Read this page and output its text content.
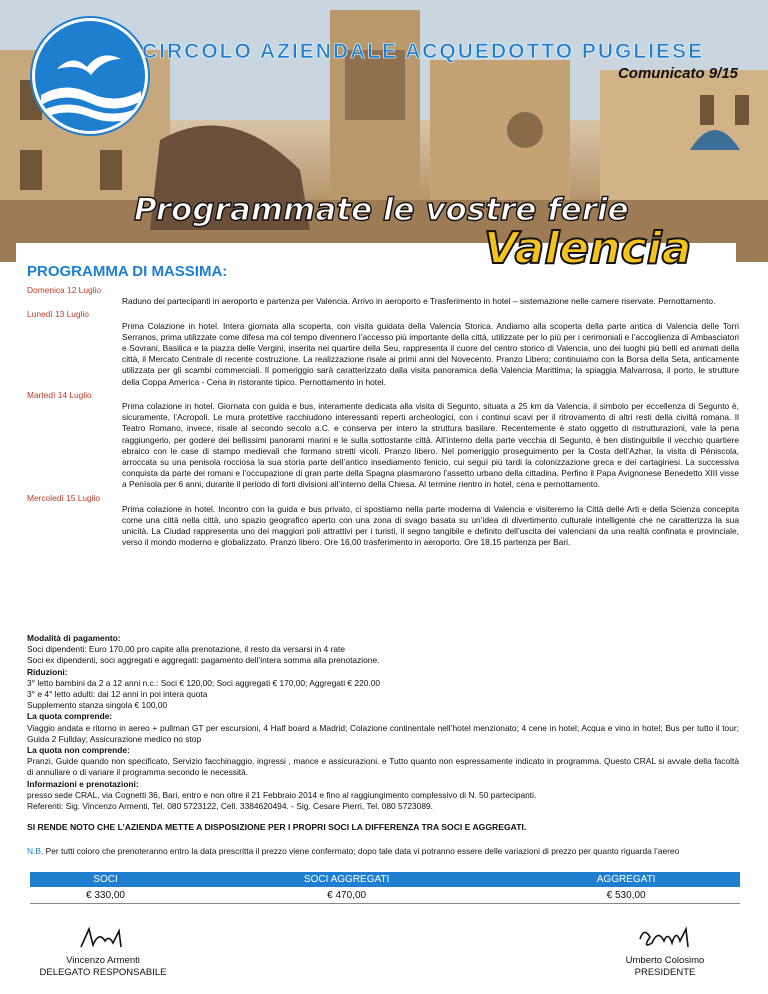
CIRCOLO AZIENDALE ACQUEDOTTO PUGLIESE
Comunicato 9/15
Programmate le vostre ferie
Valencia
PROGRAMMA DI MASSIMA:
Domenica 12 Luglio
Raduno dei partecipanti in aeroporto e partenza per Valencia. Arrivo in aeroporto e Trasferimento in hotel – sistemazione nelle camere riservate. Pernottamento.
Lunedì 13 Luglio
Prima Colazione in hotel. Intera giornata alla scoperta, con visita guidata della Valencia Storica. Andiamo alla scoperta della parte antica di Valencia delle Torri Serranos, prima utilizzate come difesa ma col tempo divennero l’accesso più importante della città, utilizzate per lo più per i cerimoniali e l’accoglienza di Ambasciatori e Sovrani, Basilica e la piazza delle Vergini, inserita nei quartire della Seu, rappresenta il cuore del centro storico di Valencia, uno dei luoghi più belli ed animati della città, il Mercato Centrale di recente costruzione. La realizzazione risale ai primi anni del Novecento. Pranzo Libero; continuiamo con la Borsa della Seta, anticamente utilizzata per gli scambi commerciali. Il pomeriggio sarà caratterizzato dalla visita panoramica della Valencia Marittima; la spiaggia Malvarrosa, il porto, le strutture della Coppa America - Cena in ristorante tipico. Pernottamento in hotel.
Martedì 14 Luglio
Prima colazione in hotel. Giornata con guida e bus, interamente dedicata alla visita di Segunto, situata a 25 km da Valencia, il simbolo per eccellenza di Segunto è, sicuramente, l’Acropoli. Le mura protettive racchiudono interessanti reperti archeologici, con i continui scavi per il ritrovamento di altri resti della civiltà romana. Il Teatro Romano, invece, risale al secondo secolo a.C. e conserva per intero la struttura basilare. Recentemente è stato oggetto di ristrutturazioni, vale la pena raggiungerlo, per godere dei bellissimi panorami marini e le sulla sottostante città. All’interno della parte vecchia di Segunto, è ben distinguibile il vecchio quartiere ebraico con le case di stampo medievali che formano stretti vicoli. Pranzo libero. Nel pomeriggio proseguimento per la Costa dell’Azhar, la visita di Péniscola, arroccata su una penisola rocciosa la sua storia parte dell’antico insediamento fenicio, cui seguì più tardi la colonizzazione greca e dei cartaginesi. La successiva conquista da parte dei romani e l’occupazione di gran parte della Spagna plasmarono l’assetto urbano della cittadina. Perfino il Papa Avignonese Benedetto XIII visse a Penìsola per 6 anni, durante il periodo di forti divisioni all’interno della Chiesa. Al termine rientro in hotel, cena e pernottamento.
Mercoledì 15 Luglio
Prima colazione in hotel. Incontro con la guida e bus privato, ci spostiamo nella parte moderna di Valencia e visiteremo la Città delle Arti e della Scienza concepita come una città nella città, uno spazio geografico aperto con una zona di svago basata su un’idea di divertimento culturale intelligente che ne caratterizza la sua unicità. La Ciudad rappresenta uno dei maggiori poli attrattivi per i turisti, il segno tangibile e definito dell’uscita dei valenciani da una realtà confinata e provinciale, verso il mondo moderno e globalizzato. Pranzo libero. Ore 16,00 trasferimento in aeroporto. Ore 18,15 partenza per Bari.
Modalità di pagamento:
Soci dipendenti: Euro 170,00 pro capite alla prenotazione, il resto da versarsi in 4 rate
Soci ex dipendenti, soci aggregati e aggregati: pagamento dell’intera somma alla prenotazione.
Riduzioni:
3° letto bambini da 2 a 12 anni n.c.: Soci € 120,00; Soci aggregati € 170,00; Aggregati € 220.00
3° e 4° letto adulti: dai 12 anni in poi intera quota
Supplemento stanza singola € 100,00
La quota comprende:
Viaggio andata e ritorno in aereo + pullman GT per escursioni, 4 Half board a Madrid; Colazione continentale nell’hotel menzionato; 4 cene in hotel; Acqua e vino in hotel; Bus per tutto il tour; Guida 2 Fullday; Assicurazione medico no stop
La quota non comprende:
Pranzi, Guide quando non specificato, Servizio facchinaggio, ingressi , mance e assicurazioni. e Tutto quanto non espressamente indicato in programma. Questo CRAL si avvale della facoltà di annullare o di variare il programma secondo le necessità.
Informazioni e prenotazioni:
presso sede CRAL, via Cognetti 36, Bari, entro e non oltre il 21 Febbraio 2014 e fino al raggiungimento complessivo di N. 50 partecipanti.
Referenti: Sig. Vincenzo Armenti, Tel. 080 5723122, Cell. 3384620494. - Sig. Cesare Pierri, Tel. 080 5723089.
SI RENDE NOTO CHE L’AZIENDA METTE A DISPOSIZIONE PER I PROPRI SOCI LA DIFFERENZA TRA SOCI E AGGREGATI.
N.B. Per tutti coloro che prenoteranno entro la data prescritta il prezzo viene confermato; dopo tale data vi potranno essere delle variazioni di prezzo per quanto riguarda l’aereo
SOCI	SOCI AGGREGATI	AGGREGATI
€ 330,00	€ 470,00	€ 530,00
Vincenzo Armenti
DELEGATO RESPONSABILE
Umberto Colosimo
PRESIDENTE
